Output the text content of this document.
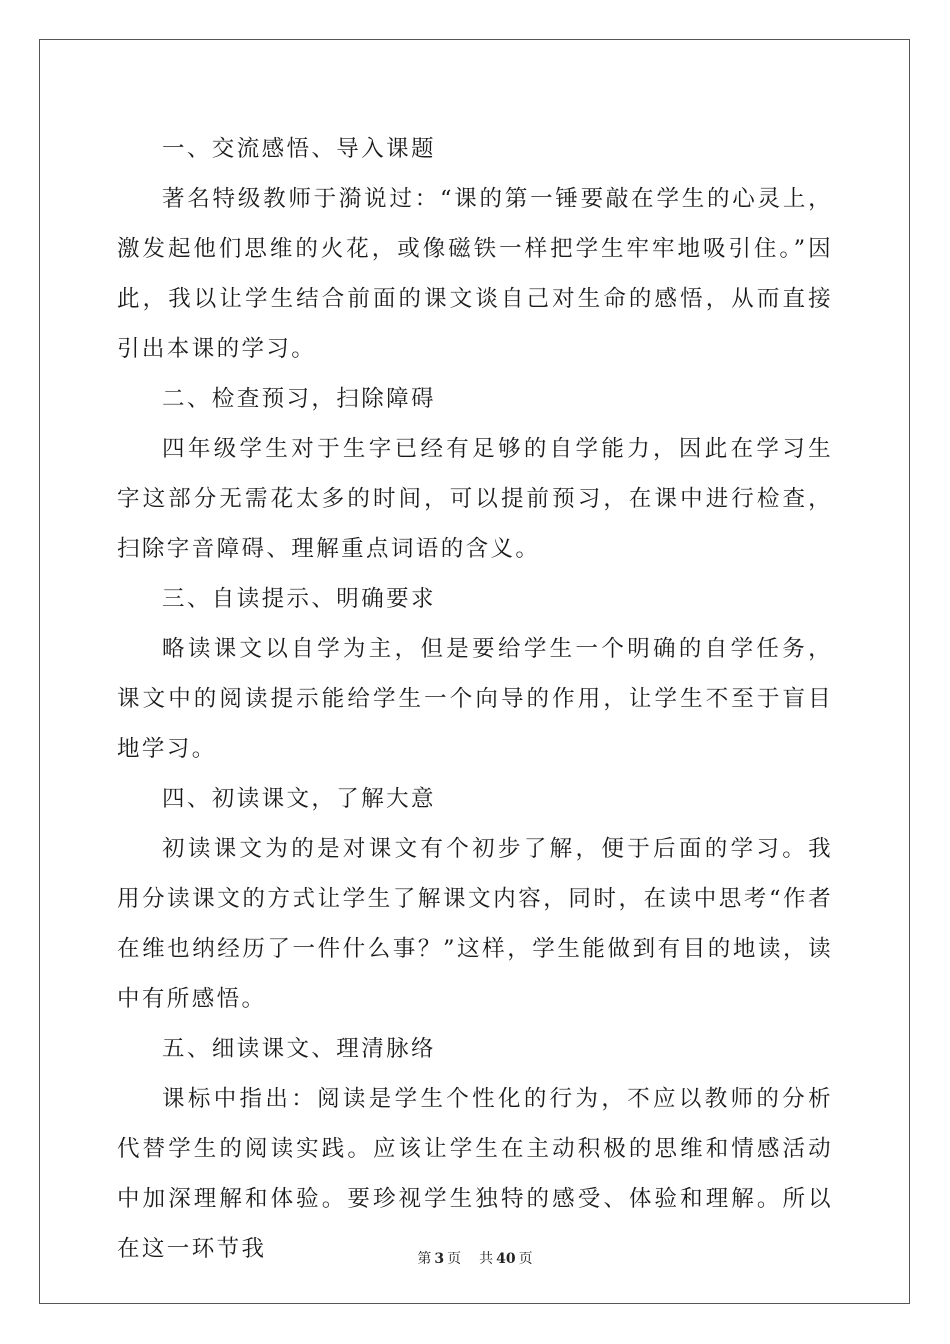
一、交流感悟、导入课题

著名特级教师于漪说过：“课的第一锤要敲在学生的心灵上，激发起他们思维的火花，或像磁铁一样把学生牢牢地吸引住。”因此，我以让学生结合前面的课文谈自己对生命的感悟，从而直接引出本课的学习。

二、检查预习，扫除障碍

四年级学生对于生字已经有足够的自学能力，因此在学习生字这部分无需花太多的时间，可以提前预习，在课中进行检查，扫除字音障碍、理解重点词语的含义。

三、自读提示、明确要求

略读课文以自学为主，但是要给学生一个明确的自学任务，课文中的阅读提示能给学生一个向导的作用，让学生不至于盲目地学习。

四、初读课文，了解大意

初读课文为的是对课文有个初步了解，便于后面的学习。我用分读课文的方式让学生了解课文内容，同时，在读中思考“作者在维也纳经历了一件什么事？”这样，学生能做到有目的地读，读中有所感悟。

五、细读课文、理清脉络

课标中指出：阅读是学生个性化的行为，不应以教师的分析代替学生的阅读实践。应该让学生在主动积极的思维和情感活动中加深理解和体验。要珍视学生独特的感受、体验和理解。所以在这一环节我	第 3 页 共 40 页
